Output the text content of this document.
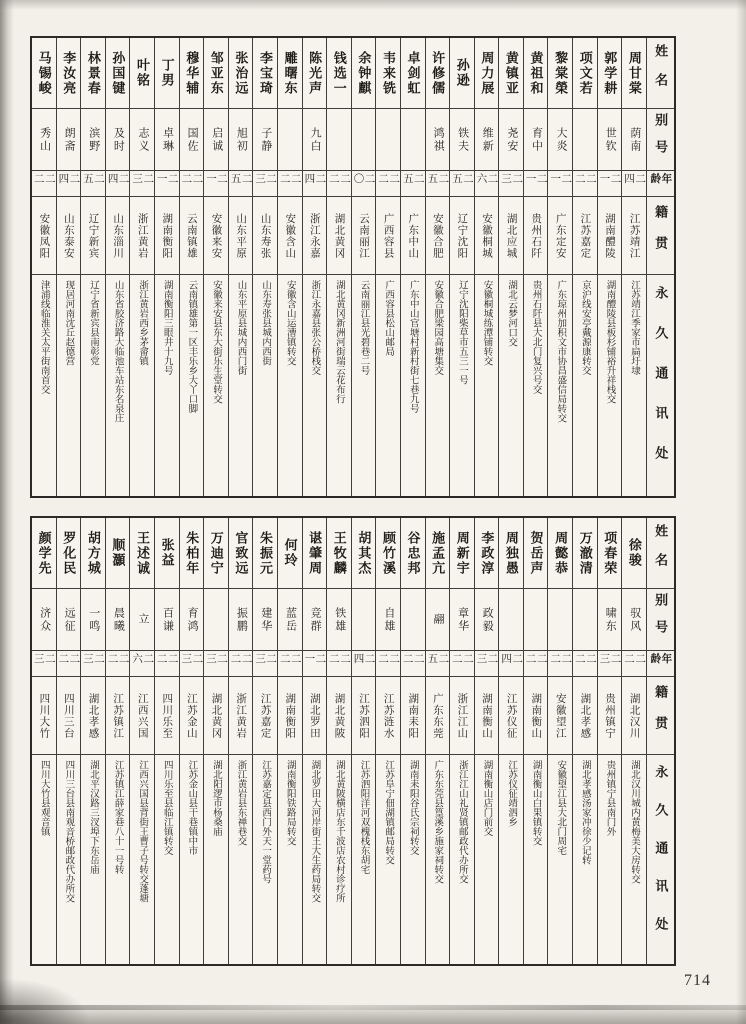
马锡峻
秀山
二二
安徽凤阳
津浦线临淮关太平街南首交
李汝亮
朗斋
二四
山东泰安
现居河南沈丘赵德营
林景春
滨野
二五
辽宁新宾
辽宁省新宾县南彰党
孙国键
及时
二四
山东淄川
山东省胶济路大临池车站东名泉庄
叶铭
志义
二三
浙江黄岩
浙江黄岩西乡茅畲镇
丁男
卓琳
二一
湖南衡阳
湖南衡阳三眼井十九号
穆华辅
国佐
二二
云南镇雄
云南镇雄第一区丰乐乡大丫口脚
邹亚东
启诚
二一
安徽来安
安徽来安县东大街乐生堂转交
张治远
旭初
二五
山东平原
山东平原县城内西门街
李宝琦
子静
二三
山东寿张
山东寿张县城内西街
雕曙东
二二
安徽含山
安徽含山运漕镇转交
陈光声
九白
二四
浙江永嘉
浙江永嘉县张公桥栈交
钱选一
二二
湖北黄冈
湖北黄冈新洲河街瑞云花布行
余钟麒
二〇
云南丽江
云南丽江县光碧巷二号
韦来铣
二二
广西容县
广西容县松山邮局
卓剑虹
二五
广东中山
广东中山官塘村新村街七巷九号
许修儒
鸿祺
二五
安徽合肥
安徽合肥梁园高塘集交
孙逊
铁夫
二五
辽宁沈阳
辽宁沈阳柴草市五三一号
周力展
维新
二六
安徽桐城
安徽桐城练潭铺转交
黄镇亚
尧安
二三
湖北应城
湖北云梦河口交
黄祖和
育中
二一
贵州石阡
贵州石阡县大北门复兴号交
黎棠榮
大炎
二一
广东定安
广东琼州加积文市协昌盛信局转交
项文若
二二
江苏嘉定
京沪线安亭戴源康转交
郭学耕
世钦
二一
湖南醴陵
湖南醴陵县板杉铺裕升祥栈交
周甘棠
荫南
二四
江苏靖江
江苏靖江季家市扁圩埭
姓名
别号
年龄
籍贯
永久通讯处
颜学先
济众
二三
四川大竹
四川大竹县观音镇
罗化民
远征
二二
四川三台
四川三台县南观音桥邮政代办所交
胡方城
一鸣
二三
湖北孝感
湖北平汉路三汊埠下东岳庙
顺灝
晨曦
二二
江苏镇江
江苏镇江薛家巷八十一号转
王述诚
立
二六
江西兴国
江西兴国县背街王曹子号转交蓬塘
张益
百谦
二二
四川乐至
四川乐至县临江镇转交
朱柏年
育鸿
二三
江苏金山
江苏金山县干巷镇中市
万迪宁
二三
湖北黄冈
湖北阳逻市杨桑庙
官致远
振鹏
二二
浙江黄岩
浙江黄岩县东禅巷交
朱振元
建华
二三
江苏嘉定
江苏嘉定县西门外天一堂药号
何玲
蓝岳
二二
湖南衡阳
湖南衡阳铁路局转交
谌肇周
竞群
二一
湖北罗田
湖北罗田大河岸街王大生药局转交
王牧麟
铁雄
二二
湖北黄陂
湖北黄陂横店东千波店农村诊疗所
胡其杰
二四
江苏泗阳
江苏泗阳洋河双槐栈东胡宅
顾竹溪
自雄
二二
江苏涟水
江苏阜宁佃湖镇邮局转交
谷忠邦
二二
湖南耒阳
湖南耒阳谷氏宗祠转交
施孟亢
翮
二五
广东东莞
广东东莞县篁溪乡施家祠转交
周新宇
章华
二二
浙江江山
浙江江山礼贤镇邮政代办所交
李政淳
政毅
二三
湖南衡山
湖南衡山店门前交
周独愚
二四
江苏仪征
江苏仪征靖泗乡
贺岳声
二二
湖南衡山
湖南衡山白果镇转交
周懿恭
二二
安徽望江
安徽望江县大北门周宅
万澈清
二二
湖北孝感
湖北孝感汤家冲徐少记转
项春荣
啸东
二三
贵州镇宁
贵州镇宁县南门外
徐骏
驭风
二二
湖北汉川
湖北汉川城内黄梅美大房转交
姓名
别号
年龄
籍贯
永久通讯处
714
